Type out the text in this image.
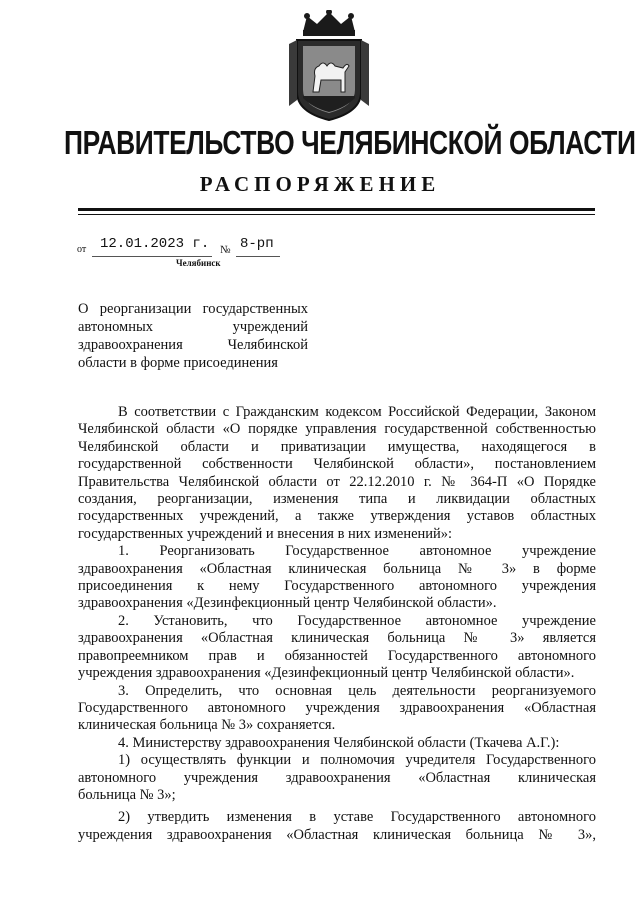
ПРАВИТЕЛЬСТВО ЧЕЛЯБИНСКОЙ ОБЛАСТИ
РАСПОРЯЖЕНИЕ
от 12.01.2023 г. № 8-рп
Челябинск
О реорганизации государственных
автономных учреждений
здравоохранения Челябинской
области в форме присоединения
В соответствии с Гражданским кодексом Российской Федерации, Законом
Челябинской области «О порядке управления государственной собственностью
Челябинской области и приватизации имущества, находящегося в
государственной собственности Челябинской области», постановлением
Правительства Челябинской области от 22.12.2010 г. № 364-П «О Порядке
создания, реорганизации, изменения типа и ликвидации областных
государственных учреждений, а также утверждения уставов областных
государственных учреждений и внесения в них изменений»:
1. Реорганизовать Государственное автономное учреждение
здравоохранения «Областная клиническая больница № 3» в форме
присоединения к нему Государственного автономного учреждения
здравоохранения «Дезинфекционный центр Челябинской области».
2. Установить, что Государственное автономное учреждение
здравоохранения «Областная клиническая больница № 3» является
правопреемником прав и обязанностей Государственного автономного
учреждения здравоохранения «Дезинфекционный центр Челябинской области».
3. Определить, что основная цель деятельности реорганизуемого
Государственного автономного учреждения здравоохранения «Областная
клиническая больница № 3» сохраняется.
4. Министерству здравоохранения Челябинской области (Ткачева А.Г.):
1) осуществлять функции и полномочия учредителя Государственного
автономного учреждения здравоохранения «Областная клиническая
больница № 3»;
2) утвердить изменения в уставе Государственного автономного
учреждения здравоохранения «Областная клиническая больница № 3»,
